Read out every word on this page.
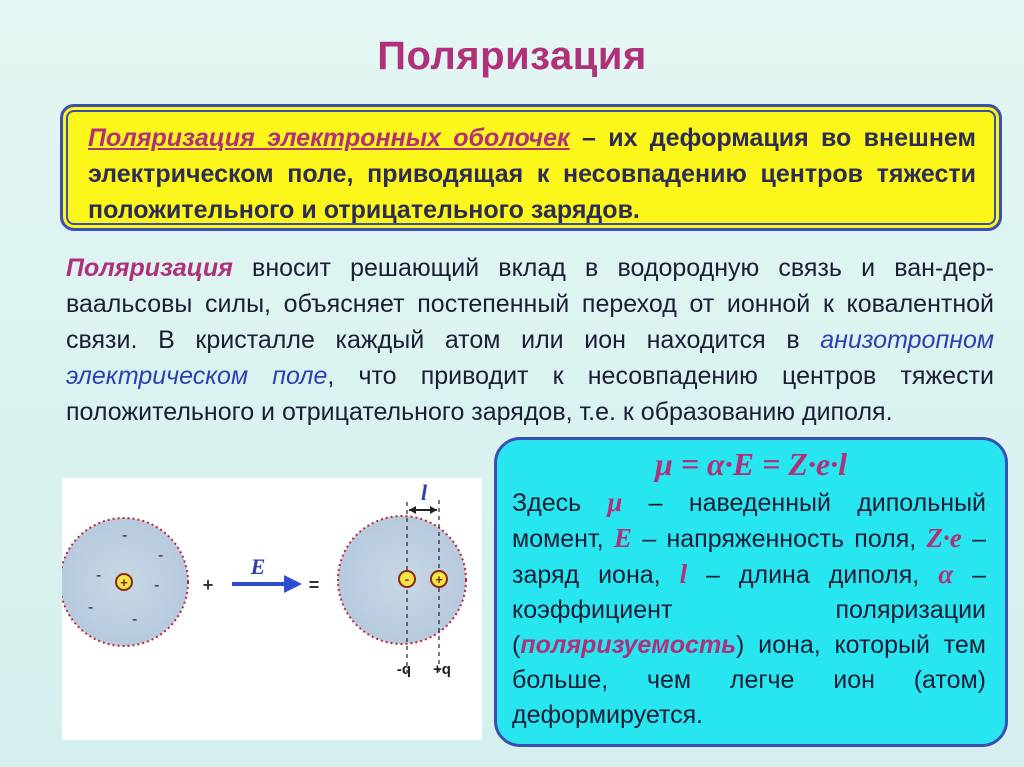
Поляризация
Поляризация электронных оболочек – их деформация во внешнем электрическом поле, приводящая к несовпадению центров тяжести положительного и отрицательного зарядов.
Поляризация вносит решающий вклад в водородную связь и ван-дер-ваальсовы силы, объясняет постепенный переход от ионной к ковалентной связи. В кристалле каждый атом или ион находится в анизотропном электрическом поле, что приводит к несовпадению центров тяжести положительного и отрицательного зарядов, т.е. к образованию диполя.
-
-
-
-
-
-
+	+
E
=
l
- +
-q +q
μ = α·E = Z·e·l
Здесь μ – наведенный дипольный момент, E – напряженность поля, Z·e – заряд иона, l – длина диполя, α – коэффициент поляризации (поляризуемость) иона, который тем больше, чем легче ион (атом) деформируется.
